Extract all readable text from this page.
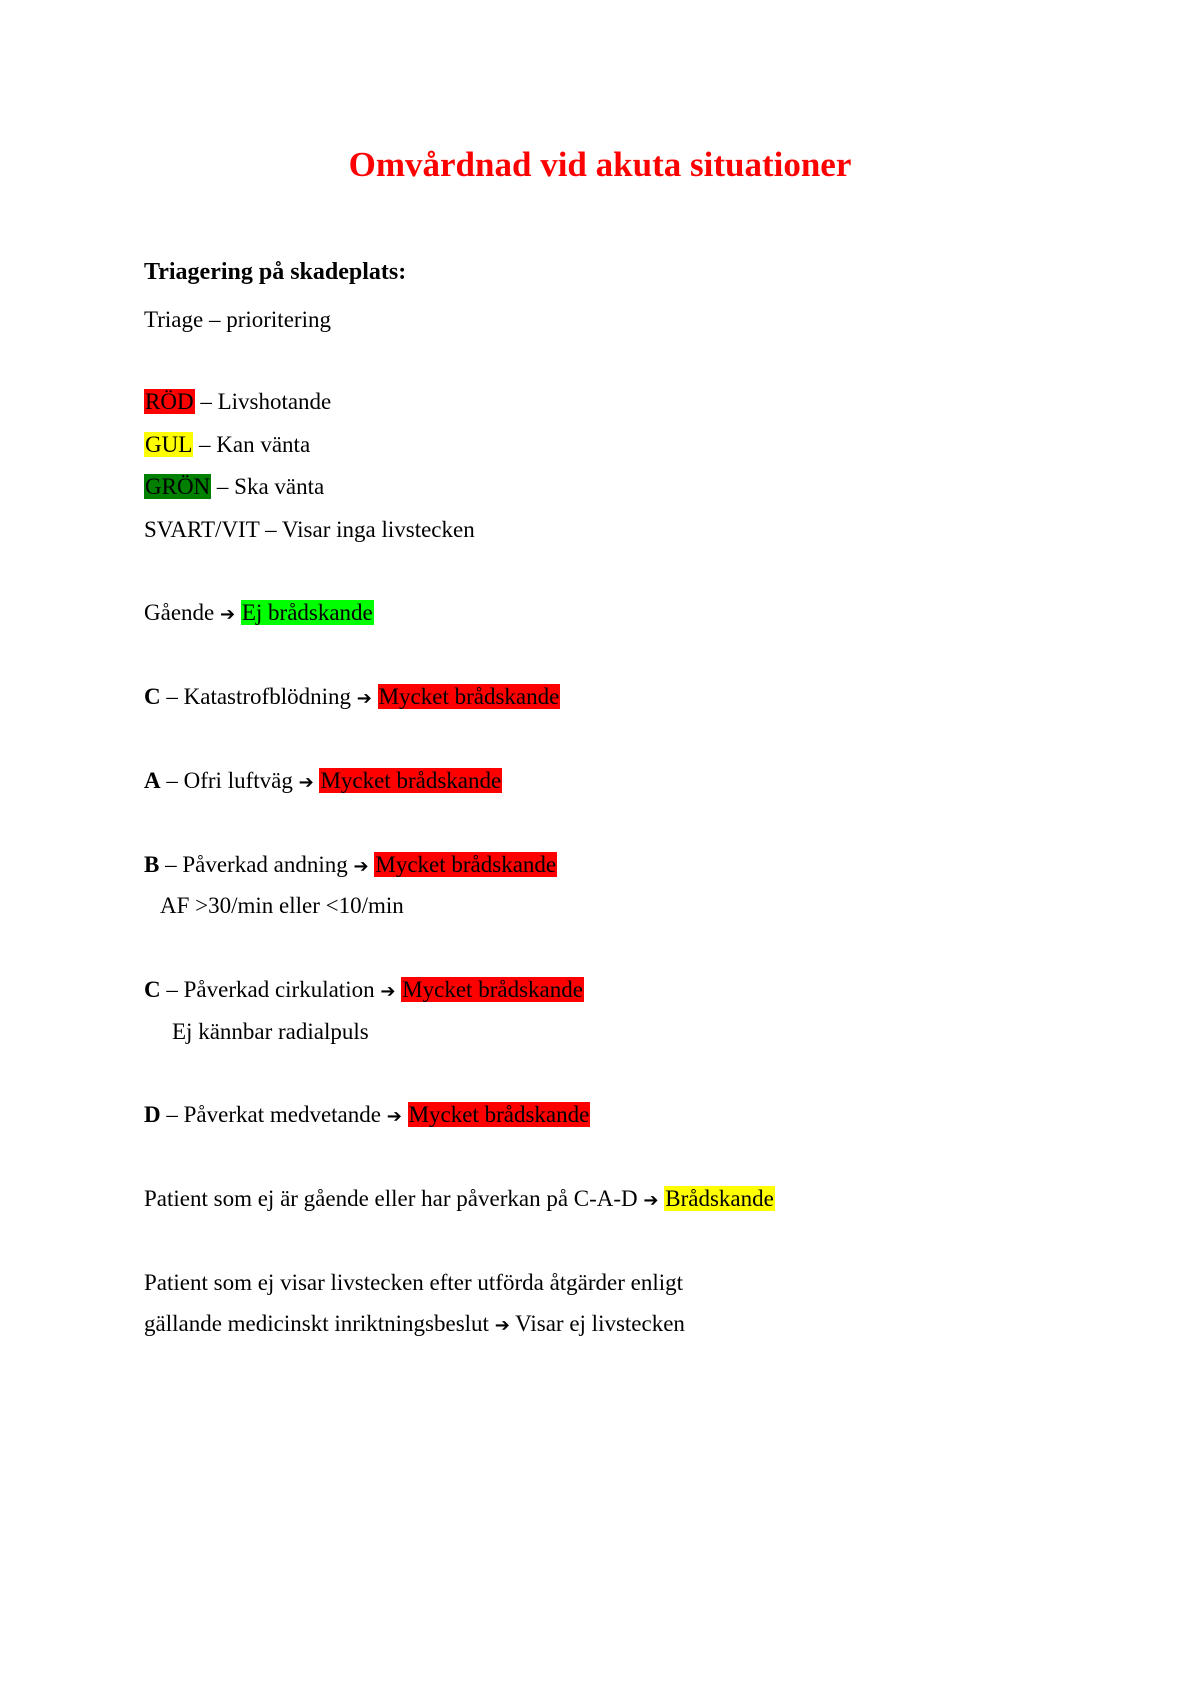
Omvårdnad vid akuta situationer

Triagering på skadeplats:

Triage – prioritering

RÖD – Livshotande

GUL – Kan vänta

GRÖN – Ska vänta

SVART/VIT – Visar inga livstecken

Gående ➔ Ej brådskande

C – Katastrofblödning ➔ Mycket brådskande

A – Ofri luftväg ➔ Mycket brådskande

B – Påverkad andning ➔ Mycket brådskande

AF >30/min eller <10/min

C – Påverkad cirkulation ➔ Mycket brådskande

Ej kännbar radialpuls

D – Påverkat medvetande ➔ Mycket brådskande

Patient som ej är gående eller har påverkan på C-A-D ➔ Brådskande

Patient som ej visar livstecken efter utförda åtgärder enligt

gällande medicinskt inriktningsbeslut ➔ Visar ej livstecken
